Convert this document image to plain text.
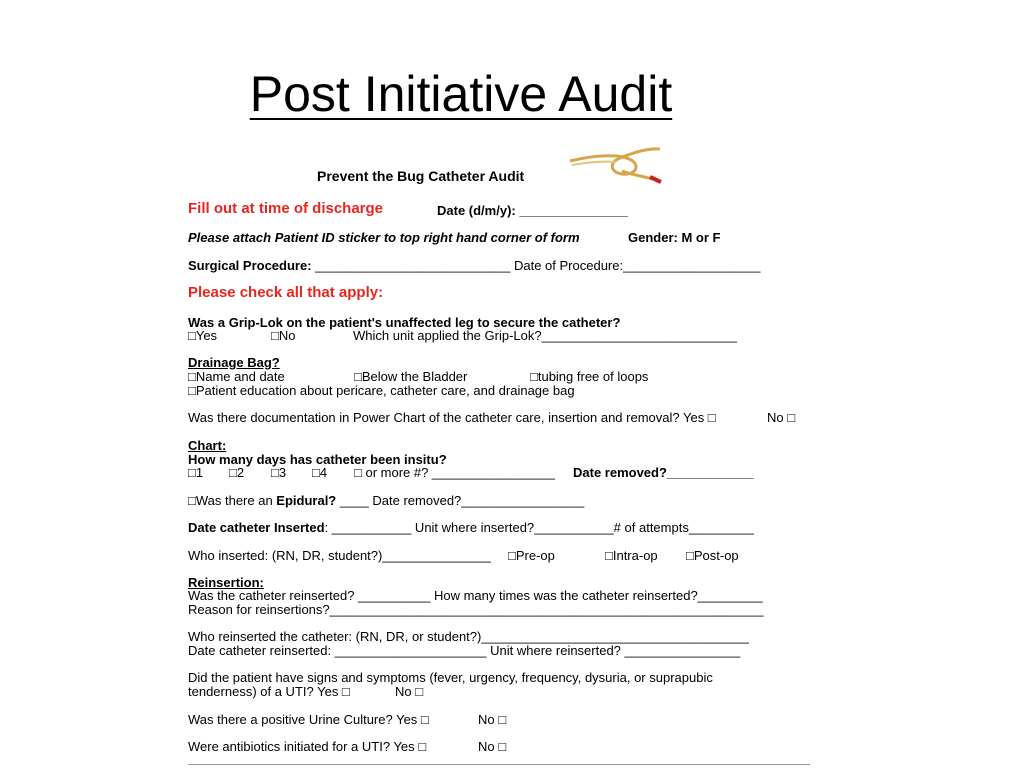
Post Initiative Audit
Prevent the Bug Catheter Audit
Fill out at time of discharge	Date (d/m/y): _______________
Please attach Patient ID sticker to top right hand corner of form	Gender: M or F
Surgical Procedure: ___________________________ Date of Procedure:___________________
Please check all that apply:
Was a Grip-Lok on the patient's unaffected leg to secure the catheter?
□Yes	□No	Which unit applied the Grip-Lok?___________________________
Drainage Bag?
□Name and date	□Below the Bladder	□tubing free of loops
□Patient education about pericare, catheter care, and drainage bag
Was there documentation in Power Chart of the catheter care, insertion and removal? Yes □	No □
Chart:
How many days has catheter been insitu?
□1 □2 □3 □4 □ or more #? _________________ Date removed?____________
□Was there an Epidural? ____ Date removed?_________________
Date catheter Inserted: ___________ Unit where inserted?___________# of attempts_________
Who inserted: (RN, DR, student?)_______________ □Pre-op	□Intra-op □Post-op
Reinsertion:
Was the catheter reinserted? __________ How many times was the catheter reinserted?_________
Reason for reinsertions?____________________________________________________________
Who reinserted the catheter: (RN, DR, or student?)_____________________________________
Date catheter reinserted: _____________________ Unit where reinserted? ________________
Did the patient have signs and symptoms (fever, urgency, frequency, dysuria, or suprapubic
tenderness) of a UTI? Yes □	No □
Was there a positive Urine Culture? Yes □	No □
Were antibiotics initiated for a UTI? Yes □	No □
